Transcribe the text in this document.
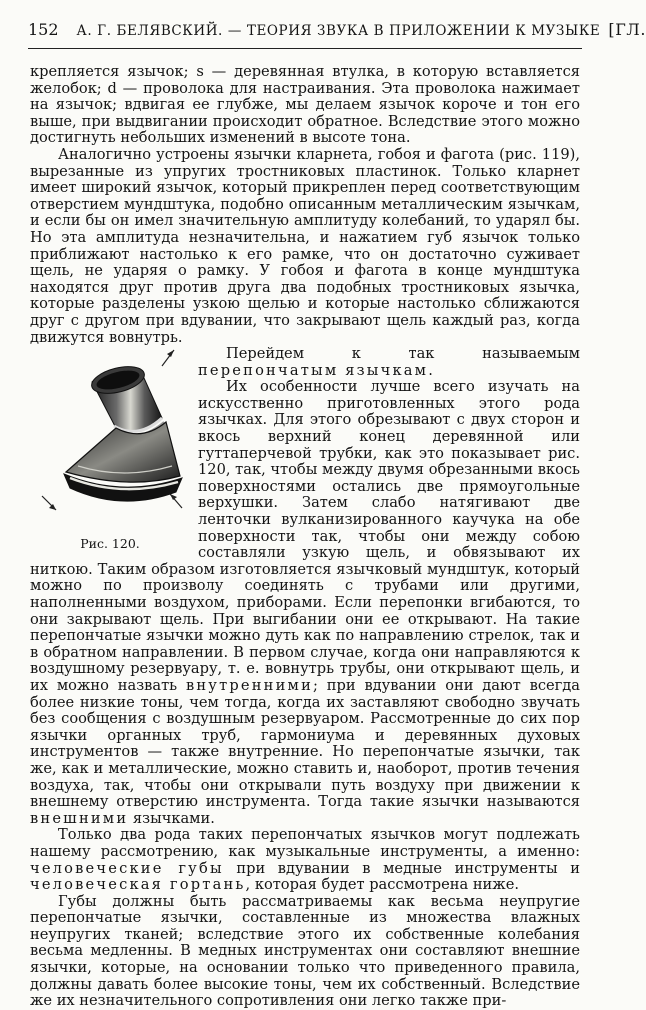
152 А. Г. БЕЛЯВСКИЙ. — ТЕОРИЯ ЗВУКА В ПРИЛОЖЕНИИ К МУЗЫКЕ [ГЛ.

крепляется язычок; s — деревянная втулка, в которую вставляется желобок; d — проволока для настраивания. Эта проволока нажимает на язычок; вдвигая ее глубже, мы делаем язычок короче и тон его выше, при выдвигании происходит обратное. Вследствие этого можно достигнуть небольших изменений в высоте тона.

Аналогично устроены язычки кларнета, гобоя и фагота (рис. 119), вырезанные из упругих тростниковых пластинок. Только кларнет имеет широкий язычок, который прикреплен перед соответствующим отверстием мундштука, подобно описанным металлическим язычкам, и если бы он имел значительную амплитуду колебаний, то ударял бы. Но эта амплитуда незначительна, и нажатием губ язычок только приближают настолько к его рамке, что он достаточно суживает щель, не ударяя о рамку. У гобоя и фагота в конце мундштука находятся друг против друга два подобных тростниковых язычка, которые разделены узкою щелью и которые настолько сближаются друг с другом при вдувании, что закрывают щель каждый раз, когда движутся вовнутрь.

Рис. 120.

Перейдем к так называемым перепончатым язычкам.

Их особенности лучше всего изучать на искусственно приготовленных этого рода язычках. Для этого обрезывают с двух сторон и вкось верхний конец деревянной или гуттаперчевой трубки, как это показывает рис. 120, так, чтобы между двумя обрезанными вкось поверхностями остались две прямоугольные верхушки. Затем слабо натягивают две ленточки вулканизированного каучука на обе поверхности так, чтобы они между собою составляли узкую щель, и обвязывают их ниткою. Таким образом изготовляется язычковый мундштук, который можно по произволу соединять с трубами или другими, наполненными воздухом, приборами. Если перепонки вгибаются, то они закрывают щель. При выгибании они ее открывают. На такие перепончатые язычки можно дуть как по направлению стрелок, так и в обратном направлении. В первом случае, когда они направляются к воздушному резервуару, т. е. вовнутрь трубы, они открывают щель, и их можно назвать внутренними; при вдувании они дают всегда более низкие тоны, чем тогда, когда их заставляют свободно звучать без сообщения с воздушным резервуаром. Рассмотренные до сих пор язычки органных труб, гармониума и деревянных духовых инструментов — также внутренние. Но перепончатые язычки, так же, как и металлические, можно ставить и, наоборот, против течения воздуха, так, чтобы они открывали путь воздуху при движении к внешнему отверстию инструмента. Тогда такие язычки называются внешними язычками.

Только два рода таких перепончатых язычков могут подлежать нашему рассмотрению, как музыкальные инструменты, а именно: человеческие губы при вдувании в медные инструменты и человеческая гортань, которая будет рассмотрена ниже.

Губы должны быть рассматриваемы как весьма неупругие перепончатые язычки, составленные из множества влажных неупругих тканей; вследствие этого их собственные колебания весьма медленны. В медных инструментах они составляют внешние язычки, которые, на основании только что приведенного правила, должны давать более высокие тоны, чем их собственный. Вследствие же их незначительного сопротивления они легко также при-
